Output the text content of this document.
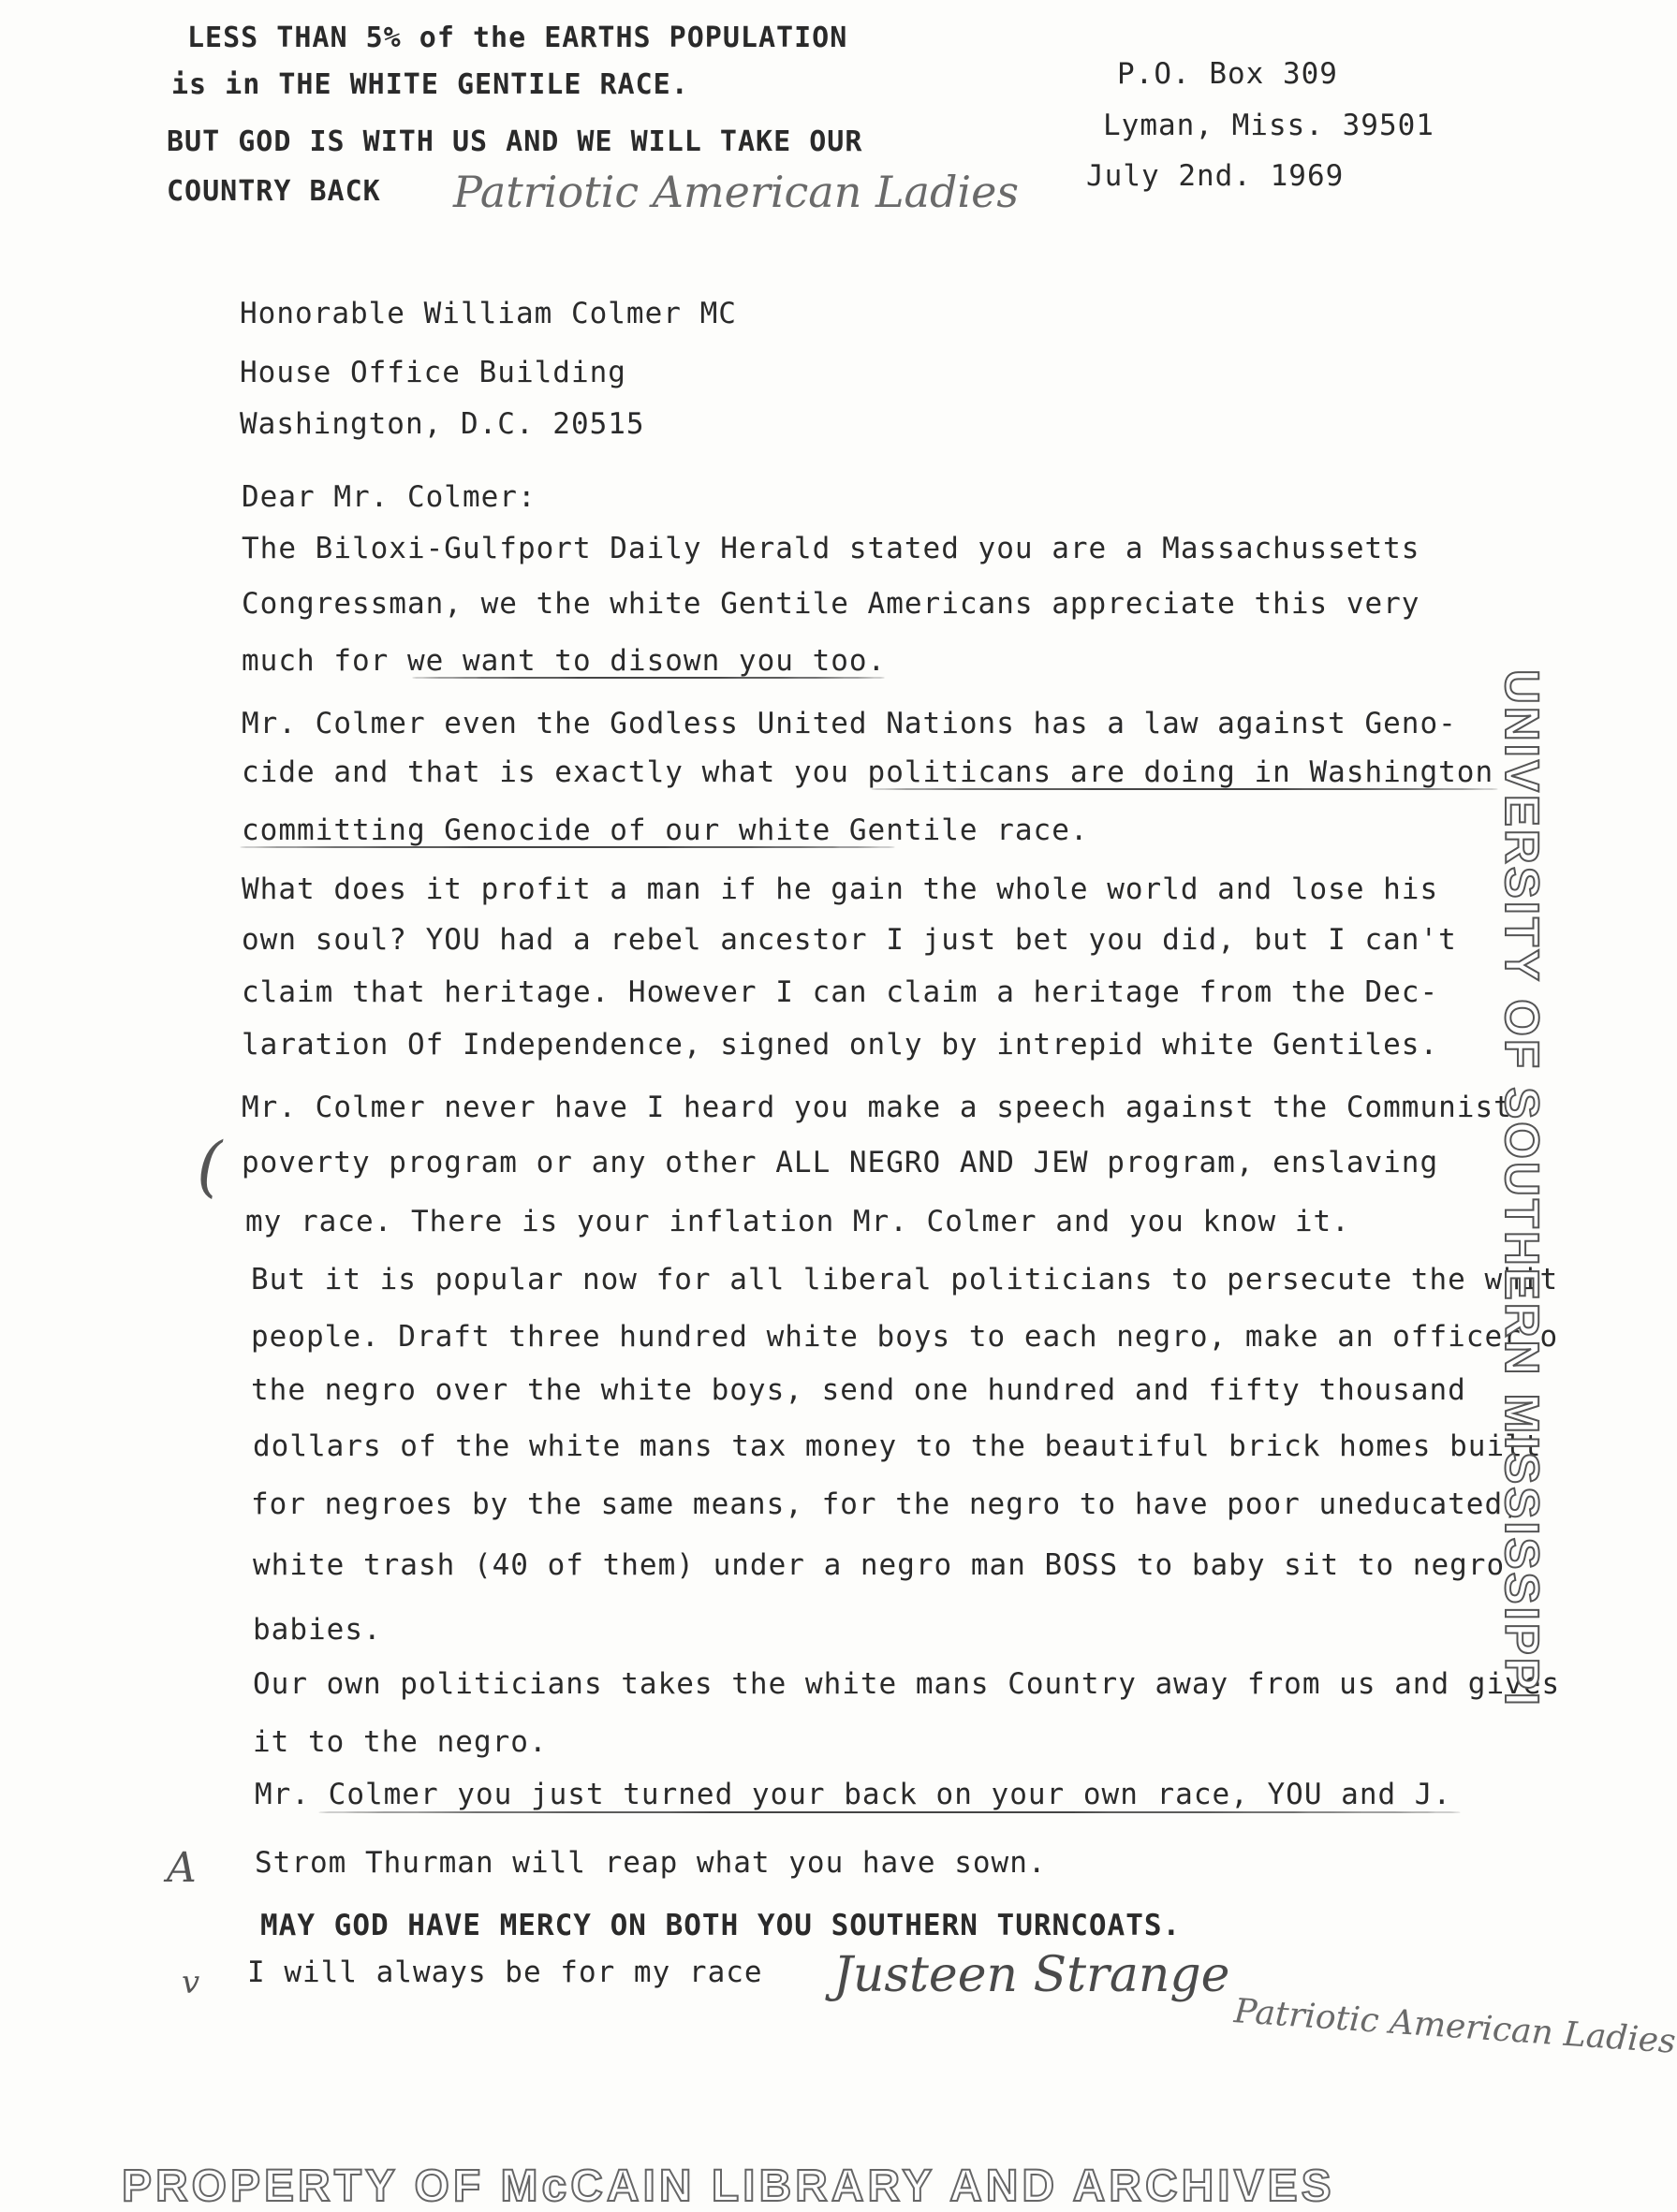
LESS THAN 5% of the EARTHS POPULATION
is in THE WHITE GENTILE RACE.
BUT GOD IS WITH US AND WE WILL TAKE OUR
COUNTRY BACK Patriotic American Ladies
P.O. Box 309
Lyman, Miss. 39501
July 2nd. 1969
Honorable William Colmer MC
House Office Building
Washington, D.C. 20515
Dear Mr. Colmer:
The Biloxi-Gulfport Daily Herald stated you are a Massachussetts
Congressman, we the white Gentile Americans appreciate this very
much for we want to disown you too.
Mr. Colmer even the Godless United Nations has a law against Geno-
cide and that is exactly what you politicans are doing in Washington
committing Genocide of our white Gentile race.
What does it profit a man if he gain the whole world and lose his
own soul? YOU had a rebel ancestor I just bet you did, but I can't
claim that heritage. However I can claim a heritage from the Dec-
laration Of Independence, signed only by intrepid white Gentiles.
Mr. Colmer never have I heard you make a speech against the Communist
poverty program or any other ALL NEGRO AND JEW program, enslaving
my race. There is your inflation Mr. Colmer and you know it.
But it is popular now for all liberal politicians to persecute the whit
people. Draft three hundred white boys to each negro, make an officer o
the negro over the white boys, send one hundred and fifty thousand
dollars of the white mans tax money to the beautiful brick homes built
for negroes by the same means, for the negro to have poor uneducated,
white trash (40 of them) under a negro man BOSS to baby sit to negro
babies.
Our own politicians takes the white mans Country away from us and gives
it to the negro.
Mr. Colmer you just turned your back on your own race, YOU and J.
Strom Thurman will reap what you have sown.
MAY GOD HAVE MERCY ON BOTH YOU SOUTHERN TURNCOATS.
I will always be for my race
(
A
v	Justeen Strange
Patriotic American Ladies
UNIVERSITY OF SOUTHERN MISSISSIPPI
PROPERTY OF McCAIN LIBRARY AND ARCHIVES
